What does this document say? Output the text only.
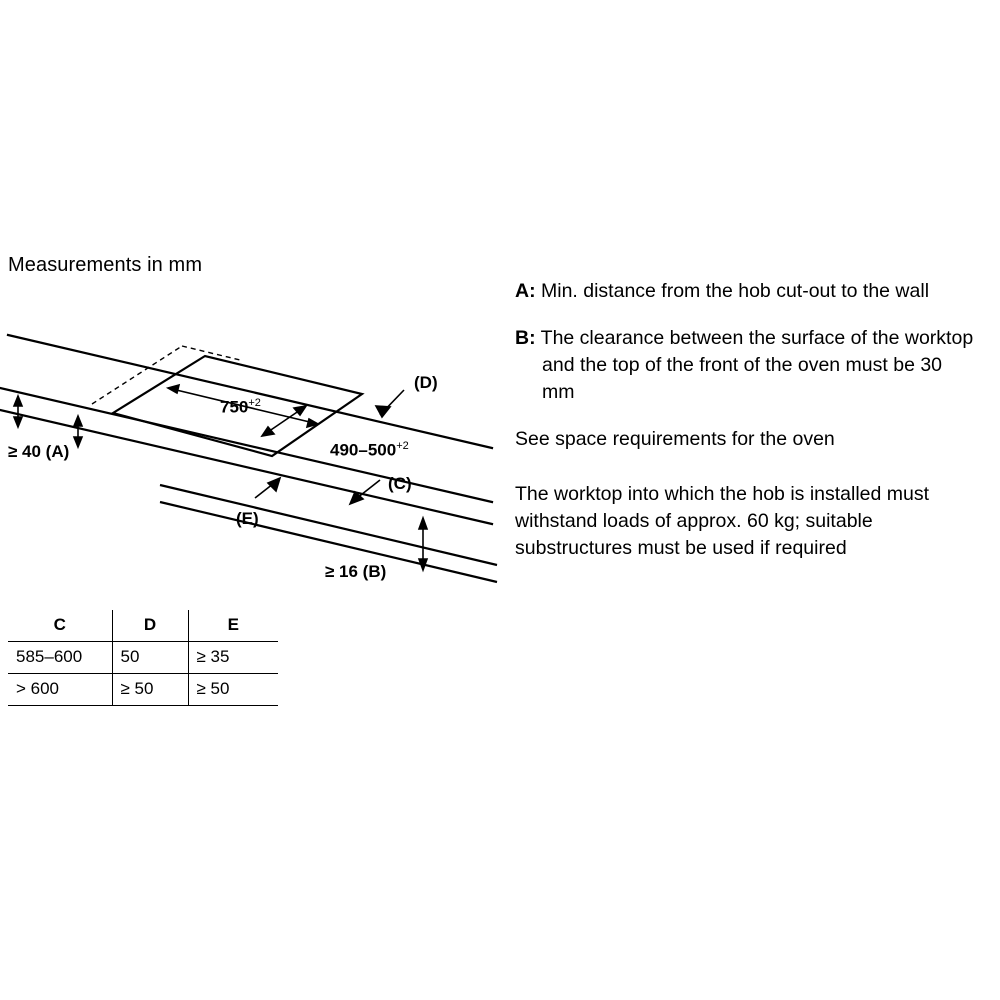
Measurements in mm
$750^{+2}$
$490-500^{+2}$
≥ 40 (A)
≥ 16 (B)
(C)
(D)
(E)
C	D	E
585–600	50	≥ 35
> 600	≥ 50	≥ 50
A: Min. distance from the hob cut-out to the wall
B: The clearance between the surface of the worktop and the top of the front of the oven must be 30 mm
See space requirements for the oven
The worktop into which the hob is installed must withstand loads of approx. 60 kg; suitable substructures must be used if required
